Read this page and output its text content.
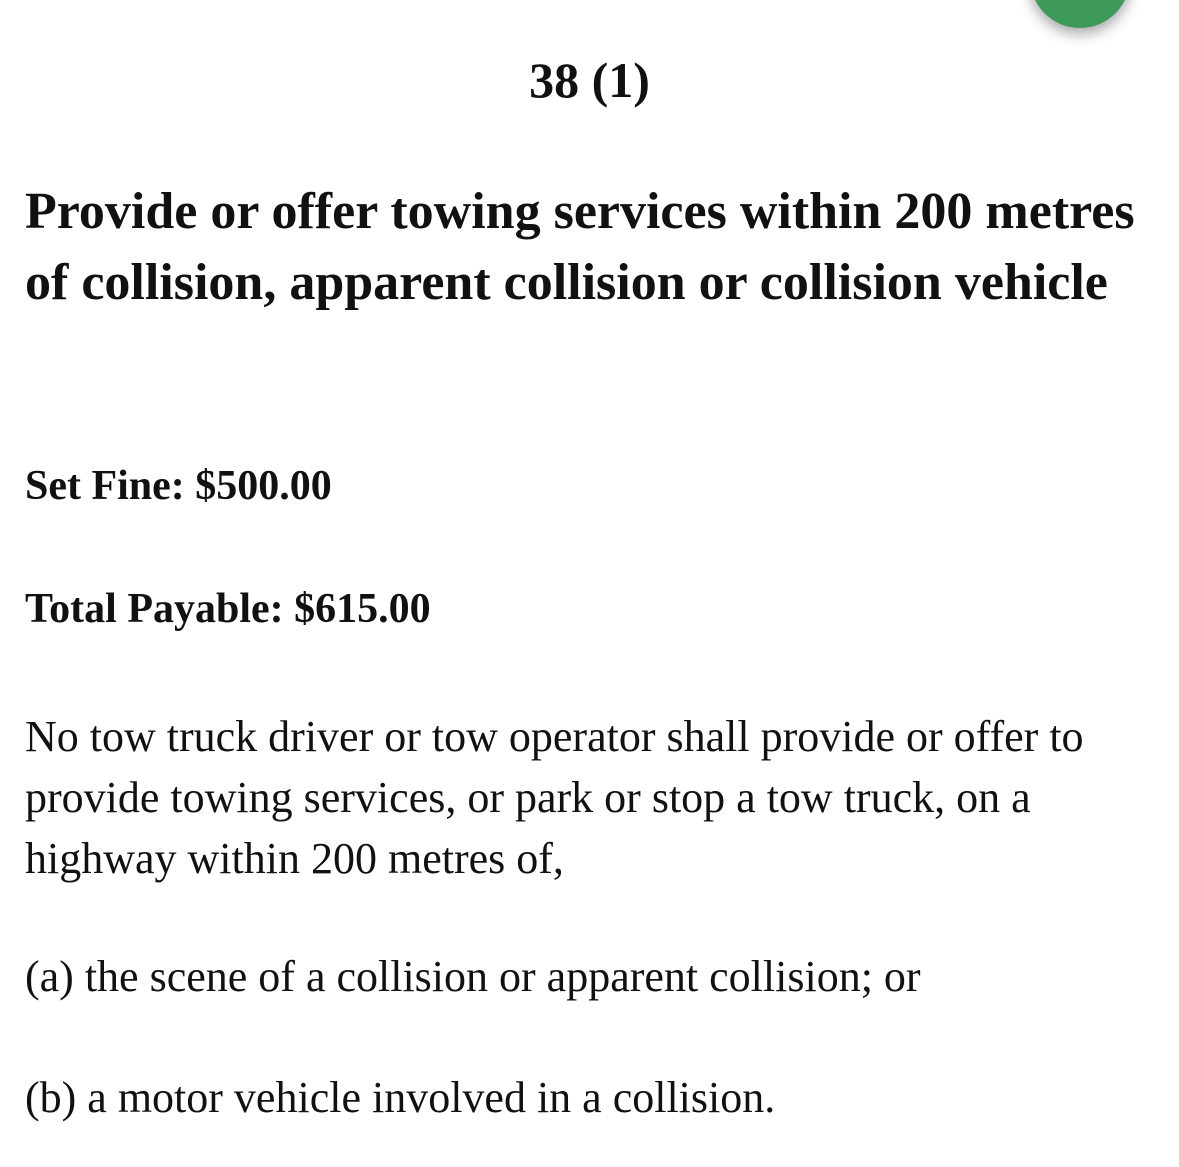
38 (1)
Provide or offer towing services within 200 metres of collision, apparent collision or collision vehicle

Set Fine: $500.00

Total Payable: $615.00

No tow truck driver or tow operator shall provide or offer to provide towing services, or park or stop a tow truck, on a highway within 200 metres of,

(a) the scene of a collision or apparent collision; or

(b) a motor vehicle involved in a collision.
